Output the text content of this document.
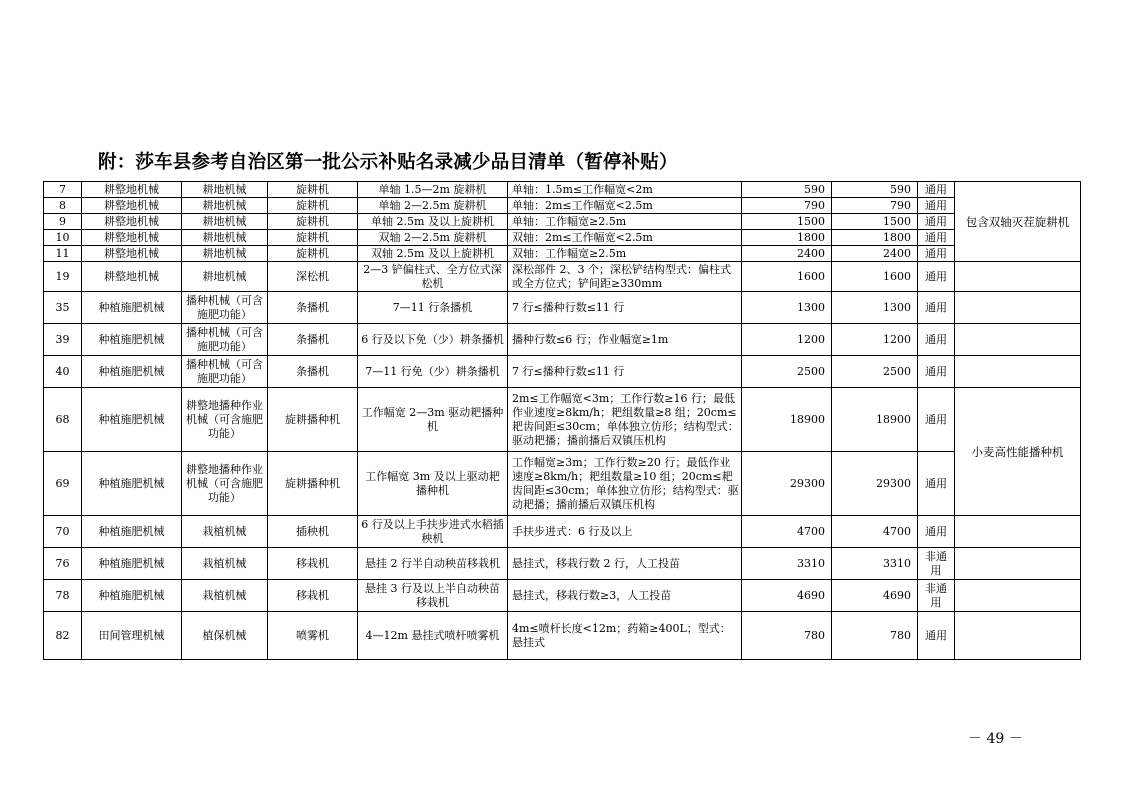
附：莎车县参考自治区第一批公示补贴名录减少品目清单（暂停补贴）
7	耕整地机械	耕地机械	旋耕机	单轴 1.5—2m 旋耕机	单轴：1.5m≤工作幅宽<2m	590	590	通用	包含双轴灭茬旋耕机
8	耕整地机械	耕地机械	旋耕机	单轴 2—2.5m 旋耕机	单轴：2m≤工作幅宽<2.5m	790	790	通用	
9	耕整地机械	耕地机械	旋耕机	单轴 2.5m 及以上旋耕机	单轴：工作幅宽≥2.5m	1500	1500	通用	
10	耕整地机械	耕地机械	旋耕机	双轴 2—2.5m 旋耕机	双轴：2m≤工作幅宽<2.5m	1800	1800	通用	
11	耕整地机械	耕地机械	旋耕机	双轴 2.5m 及以上旋耕机	双轴：工作幅宽≥2.5m	2400	2400	通用	
19	耕整地机械	耕地机械	深松机	2—3 铲偏柱式、全方位式深松机	深松部件 2、3 个；深松铲结构型式：偏柱式或全方位式；铲间距≥330mm	1600	1600	通用	
35	种植施肥机械	播种机械（可含施肥功能）	条播机	7—11 行条播机	7 行≤播种行数≤11 行	1300	1300	通用	
39	种植施肥机械	播种机械（可含施肥功能）	条播机	6 行及以下免（少）耕条播机	播种行数≤6 行；作业幅宽≥1m	1200	1200	通用	
40	种植施肥机械	播种机械（可含施肥功能）	条播机	7—11 行免（少）耕条播机	7 行≤播种行数≤11 行	2500	2500	通用	
68	种植施肥机械	耕整地播种作业机械（可含施肥功能）	旋耕播种机	工作幅宽 2—3m 驱动耙播种机	2m≤工作幅宽<3m；工作行数≥16 行；最低作业速度≥8km/h；耙组数量≥8 组；20cm≤耙齿间距≤30cm；单体独立仿形；结构型式：驱动耙播；播前播后双镇压机构	18900	18900	通用	小麦高性能播种机
69	种植施肥机械	耕整地播种作业机械（可含施肥功能）	旋耕播种机	工作幅宽 3m 及以上驱动耙播种机	工作幅宽≥3m；工作行数≥20 行；最低作业速度≥8km/h；耙组数量≥10 组；20cm≤耙齿间距≤30cm；单体独立仿形；结构型式：驱动耙播；播前播后双镇压机构	29300	29300	通用	
70	种植施肥机械	栽植机械	插秧机	6 行及以上手扶步进式水稻插秧机	手扶步进式：6 行及以上	4700	4700	通用	
76	种植施肥机械	栽植机械	移栽机	悬挂 2 行半自动秧苗移栽机	悬挂式，移栽行数 2 行，人工投苗	3310	3310	非通用	
78	种植施肥机械	栽植机械	移栽机	悬挂 3 行及以上半自动秧苗移栽机	悬挂式，移栽行数≥3，人工投苗	4690	4690	非通用	
82	田间管理机械	植保机械	喷雾机	4—12m 悬挂式喷杆喷雾机	4m≤喷杆长度<12m；药箱≥400L；型式：悬挂式	780	780	通用	
－ 49 －
